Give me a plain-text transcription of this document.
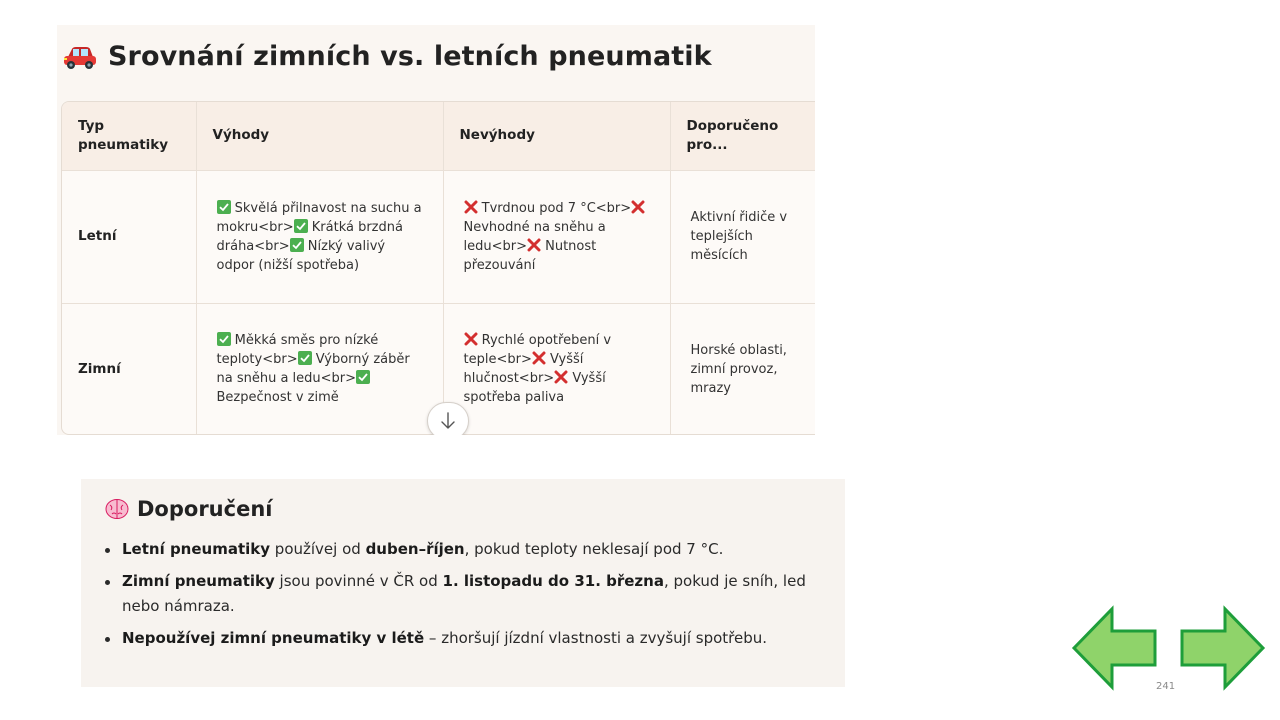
Srovnání zimních vs. letních pneumatik
Typ pneumatiky	Výhody	Nevýhody	Doporučeno pro...
Letní	Skvělá přilnavost na suchu a mokru<br> Krátká brzdná dráha<br> Nízký valivý odpor (nižší spotřeba)	Tvrdnou pod 7 °C<br> Nevhodné na sněhu a ledu<br> Nutnost přezouvání	Aktivní řidiče v teplejších měsících
Zimní	Měkká směs pro nízké teploty<br> Výborný záběr na sněhu a ledu<br> Bezpečnost v zimě	Rychlé opotřebení v teple<br> Vyšší hlučnost<br> Vyšší spotřeba paliva	Horské oblasti, zimní provoz, mrazy
Doporučení
Letní pneumatiky používej od duben–říjen, pokud teploty neklesají pod 7 °C.
Zimní pneumatiky jsou povinné v ČR od 1. listopadu do 31. března, pokud je sníh, led nebo námraza.
Nepoužívej zimní pneumatiky v létě – zhoršují jízdní vlastnosti a zvyšují spotřebu.
241
